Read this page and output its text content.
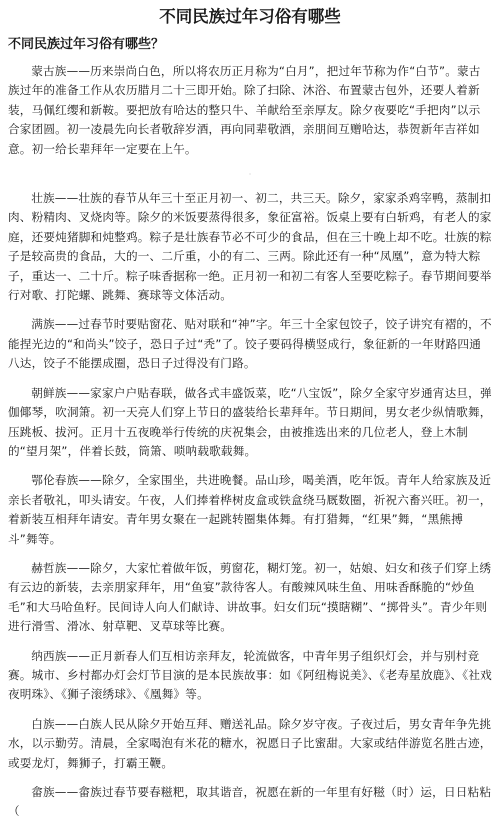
不同民族过年习俗有哪些
不同民族过年习俗有哪些？

蒙古族——历来崇尚白色，所以将农历正月称为“白月”，把过年节称为作“白节”。蒙古族过年的准备工作从农历腊月二十三即开始。除了扫除、沐浴、布置蒙古包外，还要人着新装，马佩红缨和新鞍。要把放有哈达的整只牛、羊献给至亲厚友。除夕夜要吃“手把肉”以示合家团圆。初一凌晨先向长者敬辞岁酒，再向同辈敬酒，亲朋间互赠哈达，恭贺新年吉祥如意。初一给长辈拜年一定要在上午。

·

壮族——壮族的春节从年三十至正月初一、初二，共三天。除夕，家家杀鸡宰鸭，蒸制扣肉、粉精肉、叉烧肉等。除夕的米饭要蒸得很多，象征富裕。饭桌上要有白斩鸡，有老人的家庭，还要炖猪脚和炖整鸡。粽子是壮族春节必不可少的食品，但在三十晚上却不吃。壮族的粽子是较高贵的食品，大的一、二斤重，小的有二、三两。除此还有一种“凤凰”，意为特大粽子，重达一、二十斤。粽子味香据称一绝。正月初一和初二有客人至要吃粽子。春节期间要举行对歌、打陀螺、跳舞、赛球等文体活动。

满族——过春节时要贴窗花、贴对联和“神”字。年三十全家包饺子，饺子讲究有褶的，不能捏光边的“和尚头”饺子，恐日子过“秃”了。饺子要码得横竖成行，象征新的一年财路四通八达，饺子不能摆成圈，恐日子过得没有门路。

朝鲜族——家家户户贴春联，做各式丰盛饭菜，吃“八宝饭”，除夕全家守岁通宵达旦，弹伽倻琴，吹洞箫。初一天亮人们穿上节日的盛装给长辈拜年。节日期间，男女老少纵情歌舞，压跳板、拔河。正月十五夜晚举行传统的庆祝集会，由被推选出来的几位老人，登上木制的“望月架”，伴着长鼓，筒箫、唢呐载歌载舞。

鄂伦春族——除夕，全家围坐，共进晚餐。品山珍，喝美酒，吃年饭。青年人给家族及近亲长者敬礼，叩头请安。午夜，人们捧着桦树皮盒或铁盒绕马厩数圈，祈祝六畜兴旺。初一，着新装互相拜年请安。青年男女聚在一起跳转圈集体舞。有打猎舞，“红果”舞，“黑熊搏斗”舞等。

赫哲族——除夕，大家忙着做年饭，剪窗花，糊灯笼。初一，姑娘、妇女和孩子们穿上绣有云边的新装，去亲朋家拜年，用“鱼宴”款待客人。有酸辣风味生鱼、用味香酥脆的“炒鱼毛”和大马哈鱼籽。民间诗人向人们献诗、讲故事。妇女们玩“摸瞎糊”、“掷骨头”。青少年则进行滑雪、滑冰、射草靶、叉草球等比赛。

纳西族——正月新春人们互相访亲拜友，轮流做客，中青年男子组织灯会，并与别村竞赛。城市、乡村都办灯会灯节目演的是本民族故事：如《阿纽梅说美》、《老寿星放鹿》、《社戏夜明珠》、《狮子滚绣球》、《凰舞》等。

白族——白族人民从除夕开始互拜、赠送礼品。除夕岁守夜。子夜过后，男女青年争先挑水，以示勤劳。清晨，全家喝泡有米花的糖水，祝愿日子比蜜甜。大家或结伴游览名胜古迹，或耍龙灯，舞狮子，打霸王鞭。

畲族——畲族过春节要春糍粑，取其谐音，祝愿在新的一年里有好糍（时）运，日日粘粘（
